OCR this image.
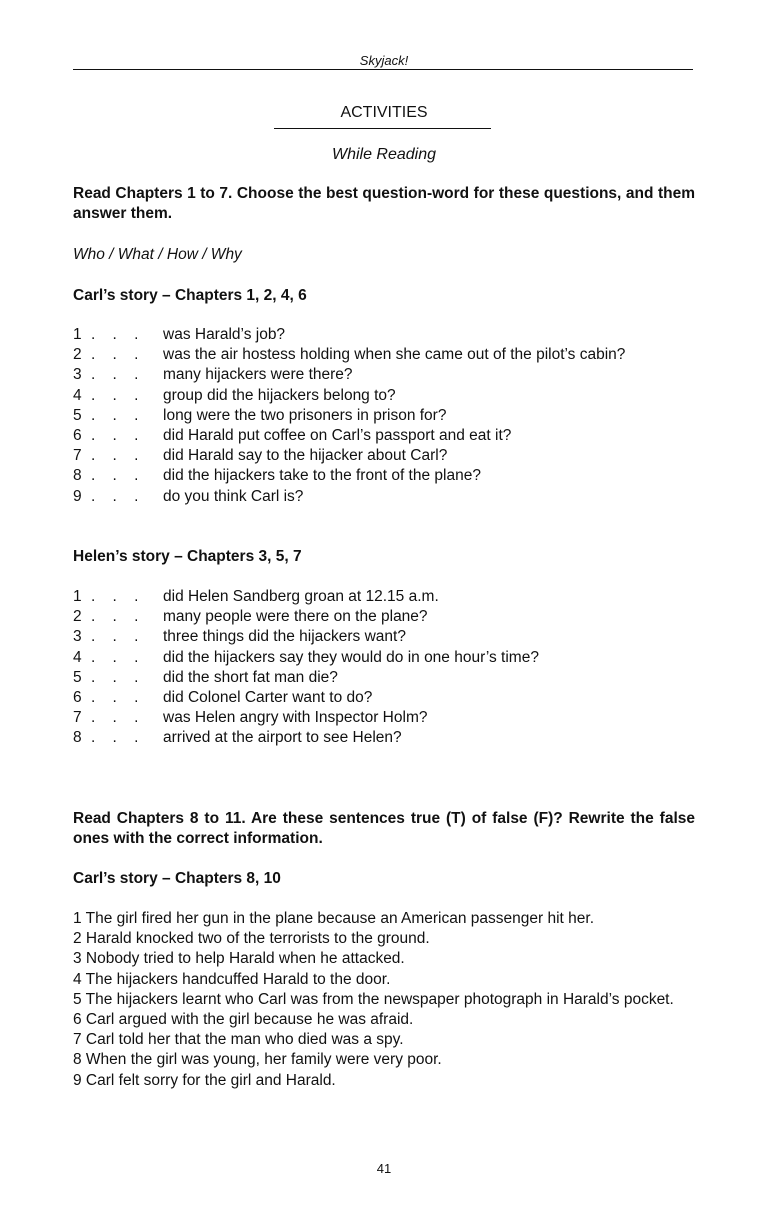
Skyjack!
ACTIVITIES
While Reading
Read Chapters 1 to 7. Choose the best question-word for these questions, and them answer them.
Who / What / How / Why
Carl’s story – Chapters 1, 2, 4, 6
1 .    .    . was Harald’s job?
2 .    .    . was the air hostess holding when she came out of the pilot’s cabin?
3 .    .    . many hijackers were there?
4 .    .    . group did the hijackers belong to?
5 .    .    . long were the two prisoners in prison for?
6 .    .    . did Harald put coffee on Carl’s passport and eat it?
7 .    .    . did Harald say to the hijacker about Carl?
8 .    .    . did the hijackers take to the front of the plane?
9 .    .    . do you think Carl is?
Helen’s story – Chapters 3, 5, 7
1 .    .    . did Helen Sandberg groan at 12.15 a.m.
2 .    .    . many people were there on the plane?
3 .    .    . three things did the hijackers want?
4 .    .    . did the hijackers say they would do in one hour’s time?
5 .    .    . did the short fat man die?
6 .    .    . did Colonel Carter want to do?
7 .    .    . was Helen angry with Inspector Holm?
8 .    .    . arrived at the airport to see Helen?
Read Chapters 8 to 11. Are these sentences true (T) of false (F)? Rewrite the false ones with the correct information.
Carl’s story – Chapters 8, 10
1 The girl fired her gun in the plane because an American passenger hit her.
2 Harald knocked two of the terrorists to the ground.
3 Nobody tried to help Harald when he attacked.
4 The hijackers handcuffed Harald to the door.
5 The hijackers learnt who Carl was from the newspaper photograph in Harald’s pocket.
6 Carl argued with the girl because he was afraid.
7 Carl told her that the man who died was a spy.
8 When the girl was young, her family were very poor.
9 Carl felt sorry for the girl and Harald.
41
